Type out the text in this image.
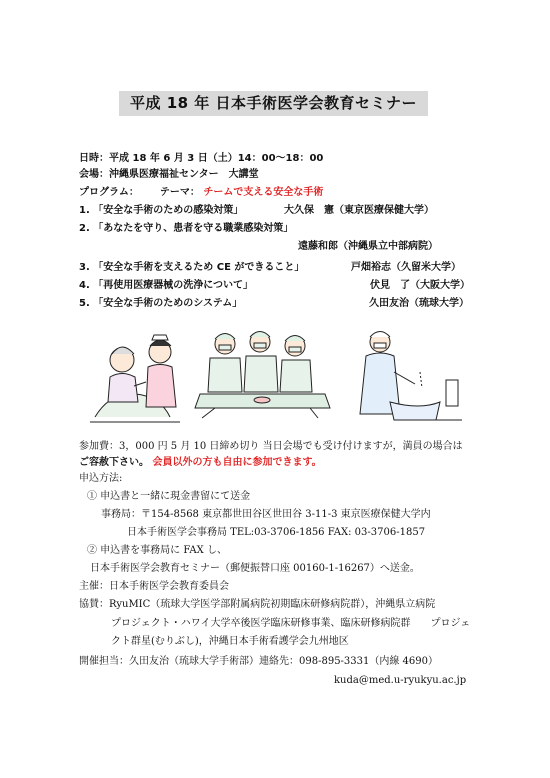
平成 18 年 日本手術医学会教育セミナー
日時：平成 18 年 6 月 3 日（土）14：00〜18：00
会場：沖縄県医療福祉センター　大講堂
プログラム： テーマ： チームで支える安全な手術
1. 「安全な手術のための感染対策」	大久保　憲（東京医療保健大学）
2. 「あなたを守り、患者を守る職業感染対策」
遠藤和郎（沖縄県立中部病院）
3. 「安全な手術を支えるため CE ができること」	戸畑裕志（久留米大学）
4. 「再使用医療器械の洗浄について」	伏見　了（大阪大学）
5. 「安全な手術のためのシステム」	久田友治（琉球大学）
参加費：3，000 円 5 月 10 日締め切り 当日会場でも受け付けますが，満員の場合は
ご容赦下さい。 会員以外の方も自由に参加できます。
申込方法:
① 申込書と一緒に現金書留にて送金
事務局：〒154-8568 東京都世田谷区世田谷 3-11-3 東京医療保健大学内
日本手術医学会事務局 TEL:03-3706-1856 FAX: 03-3706-1857
② 申込書を事務局に FAX し、
日本手術医学会教育セミナー（郵便振替口座 00160-1-16267）へ送金。
主催：日本手術医学会教育委員会
協賛：RyuMIC（琉球大学医学部附属病院初期臨床研修病院群），沖縄県立病院
プロジェクト・ハワイ大学卒後医学臨床研修事業、臨床研修病院群　　プロジェ
クト群星(むりぶし)，沖縄日本手術看護学会九州地区
開催担当：久田友治（琉球大学手術部）連絡先：098-895-3331（内線 4690）
kuda@med.u-ryukyu.ac.jp
